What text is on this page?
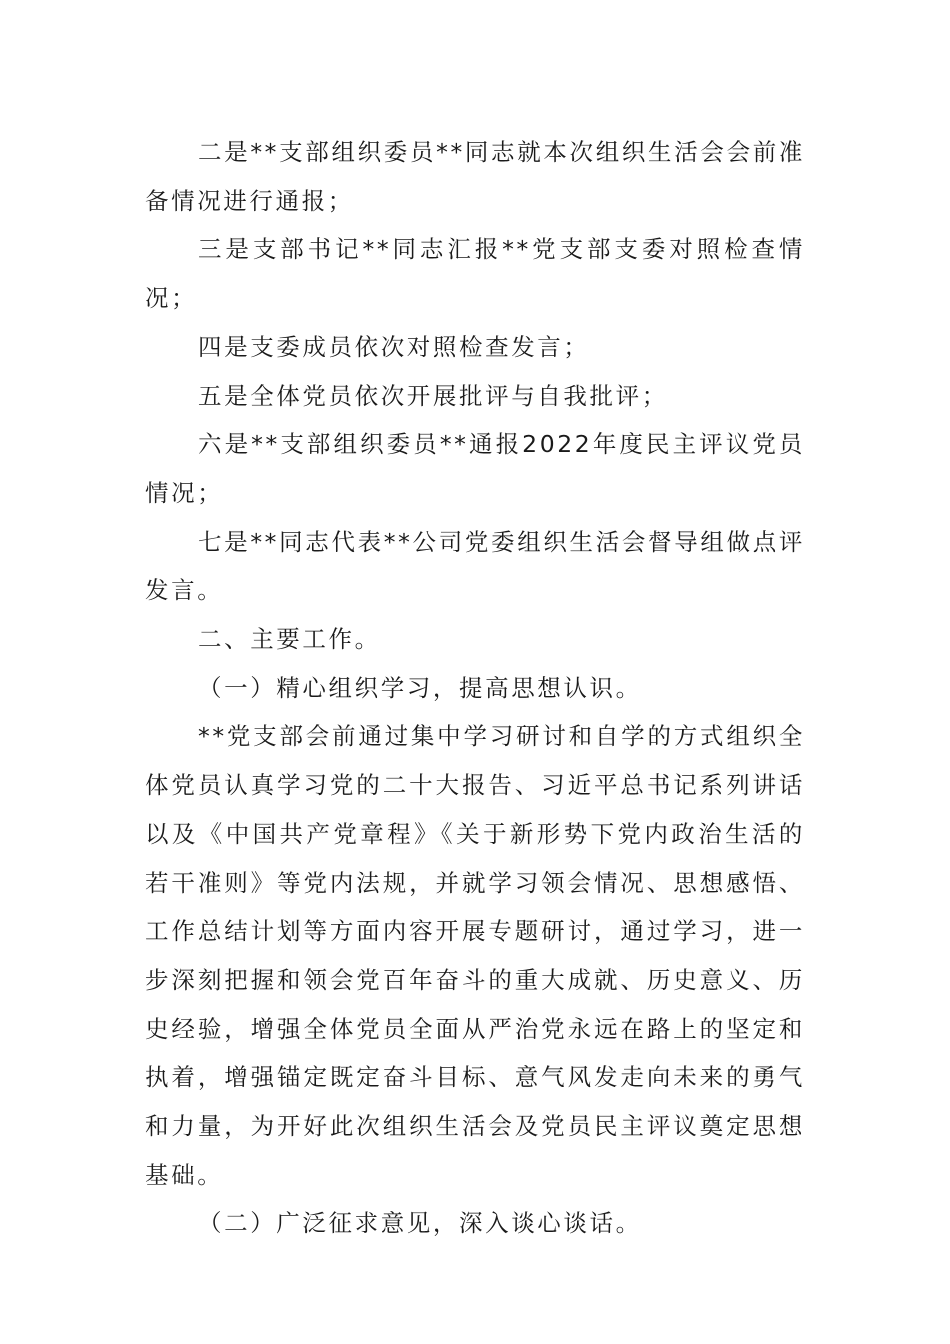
二是**支部组织委员**同志就本次组织生活会会前准备情况进行通报；

三是支部书记**同志汇报**党支部支委对照检查情况；

四是支委成员依次对照检查发言；

五是全体党员依次开展批评与自我批评；

六是**支部组织委员**通报2022年度民主评议党员情况；

七是**同志代表**公司党委组织生活会督导组做点评发言。

二、主要工作。

（一）精心组织学习，提高思想认识。

**党支部会前通过集中学习研讨和自学的方式组织全体党员认真学习党的二十大报告、习近平总书记系列讲话以及《中国共产党章程》《关于新形势下党内政治生活的若干准则》等党内法规，并就学习领会情况、思想感悟、工作总结计划等方面内容开展专题研讨，通过学习，进一步深刻把握和领会党百年奋斗的重大成就、历史意义、历史经验，增强全体党员全面从严治党永远在路上的坚定和执着，增强锚定既定奋斗目标、意气风发走向未来的勇气和力量，为开好此次组织生活会及党员民主评议奠定思想基础。

（二）广泛征求意见，深入谈心谈话。
